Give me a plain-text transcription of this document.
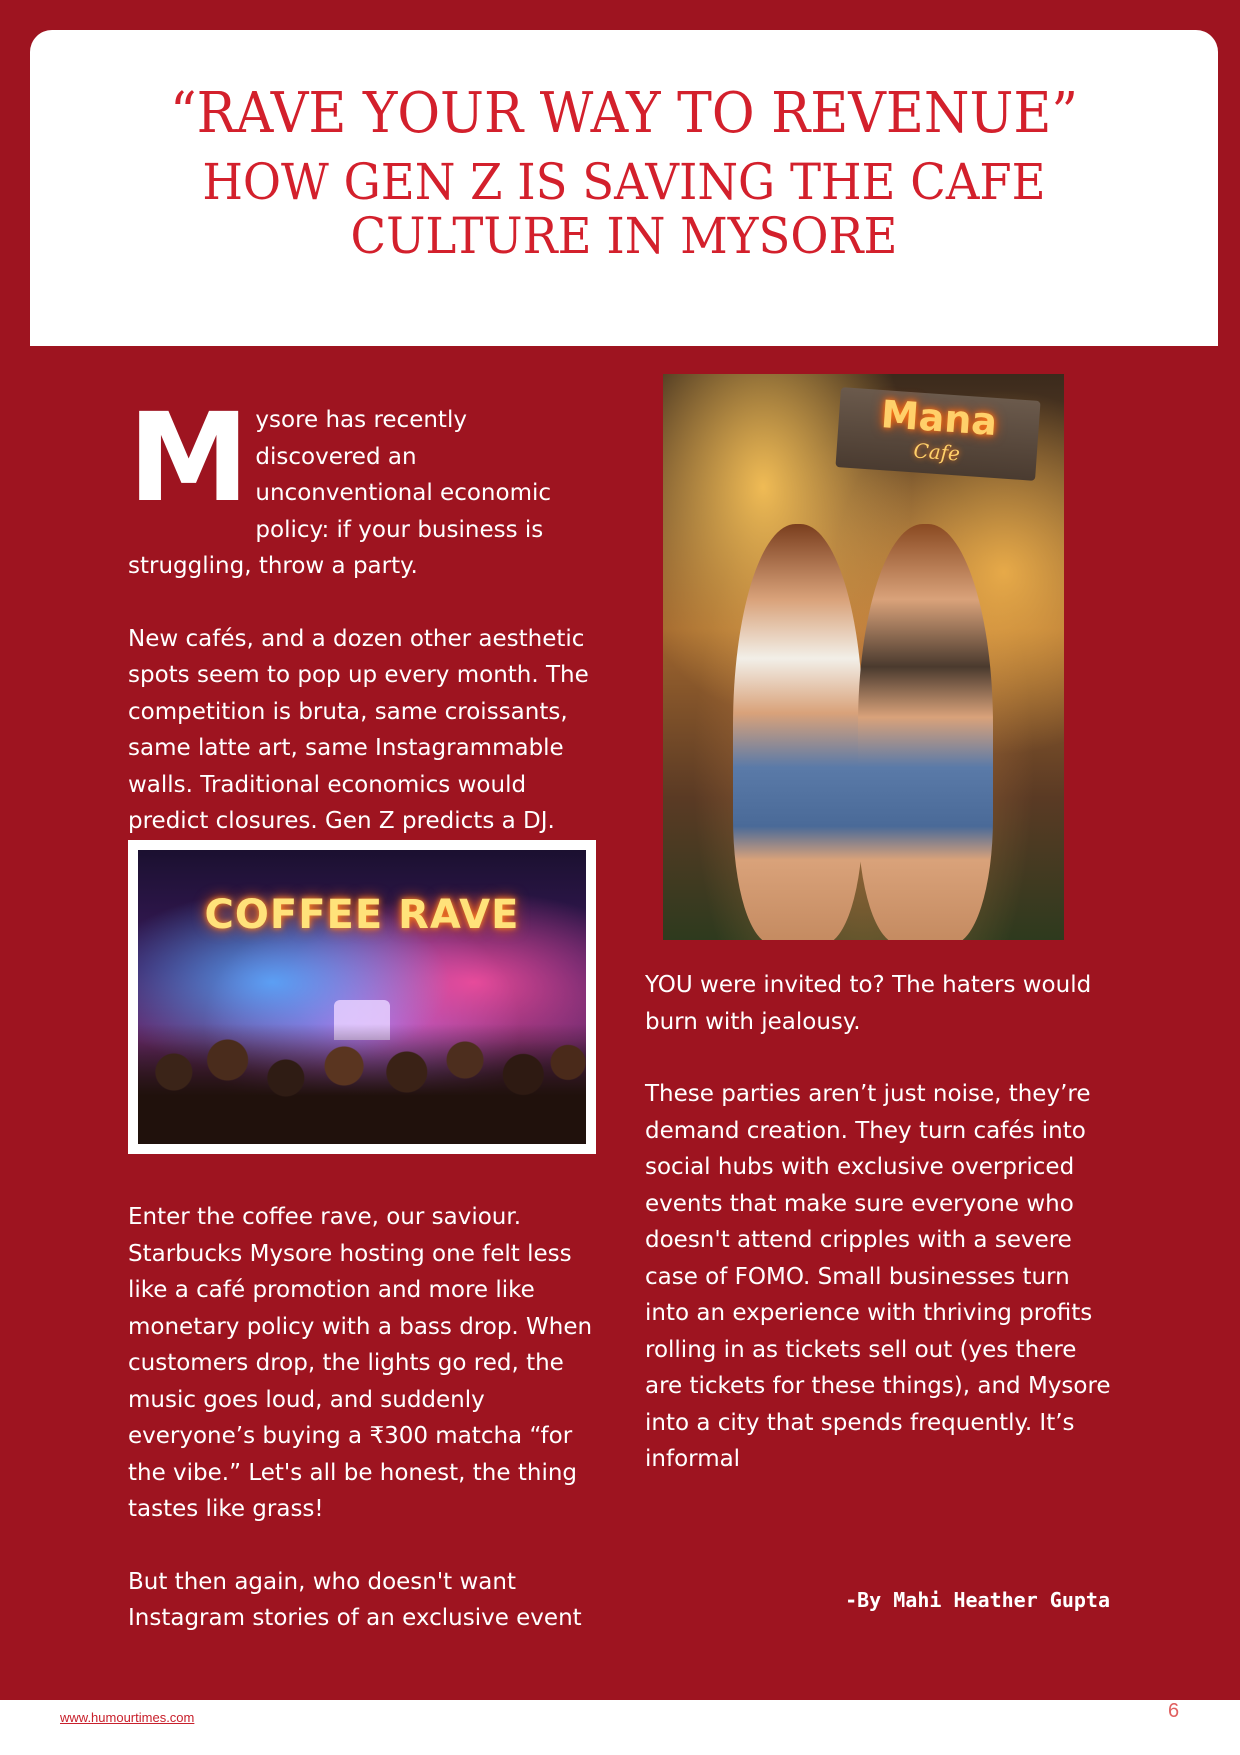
“RAVE YOUR WAY TO REVENUE”
HOW GEN Z IS SAVING THE CAFE
CULTURE IN MYSORE

Mysore has recently discovered an unconventional economic policy: if your business is struggling, throw a party.

New cafés, and a dozen other aesthetic spots seem to pop up every month. The competition is bruta, same croissants, same latte art, same Instagrammable walls. Traditional economics would predict closures. Gen Z predicts a DJ.

COFFEE RAVE

Enter the coffee rave, our saviour. Starbucks Mysore hosting one felt less like a café promotion and more like monetary policy with a bass drop. When customers drop, the lights go red, the music goes loud, and suddenly everyone’s buying a ₹300 matcha “for the vibe.” Let's all be honest, the thing tastes like grass!

But then again, who doesn't want Instagram stories of an exclusive event

Mana
Cafe

YOU were invited to? The haters would burn with jealousy.

These parties aren’t just noise, they’re demand creation. They turn cafés into social hubs with exclusive overpriced events that make sure everyone who doesn't attend cripples with a severe case of FOMO. Small businesses turn into an experience with thriving profits rolling in as tickets sell out (yes there are tickets for these things), and Mysore into a city that spends frequently. It’s informal

-By Mahi Heather Gupta
www.humourtimes.com	6
